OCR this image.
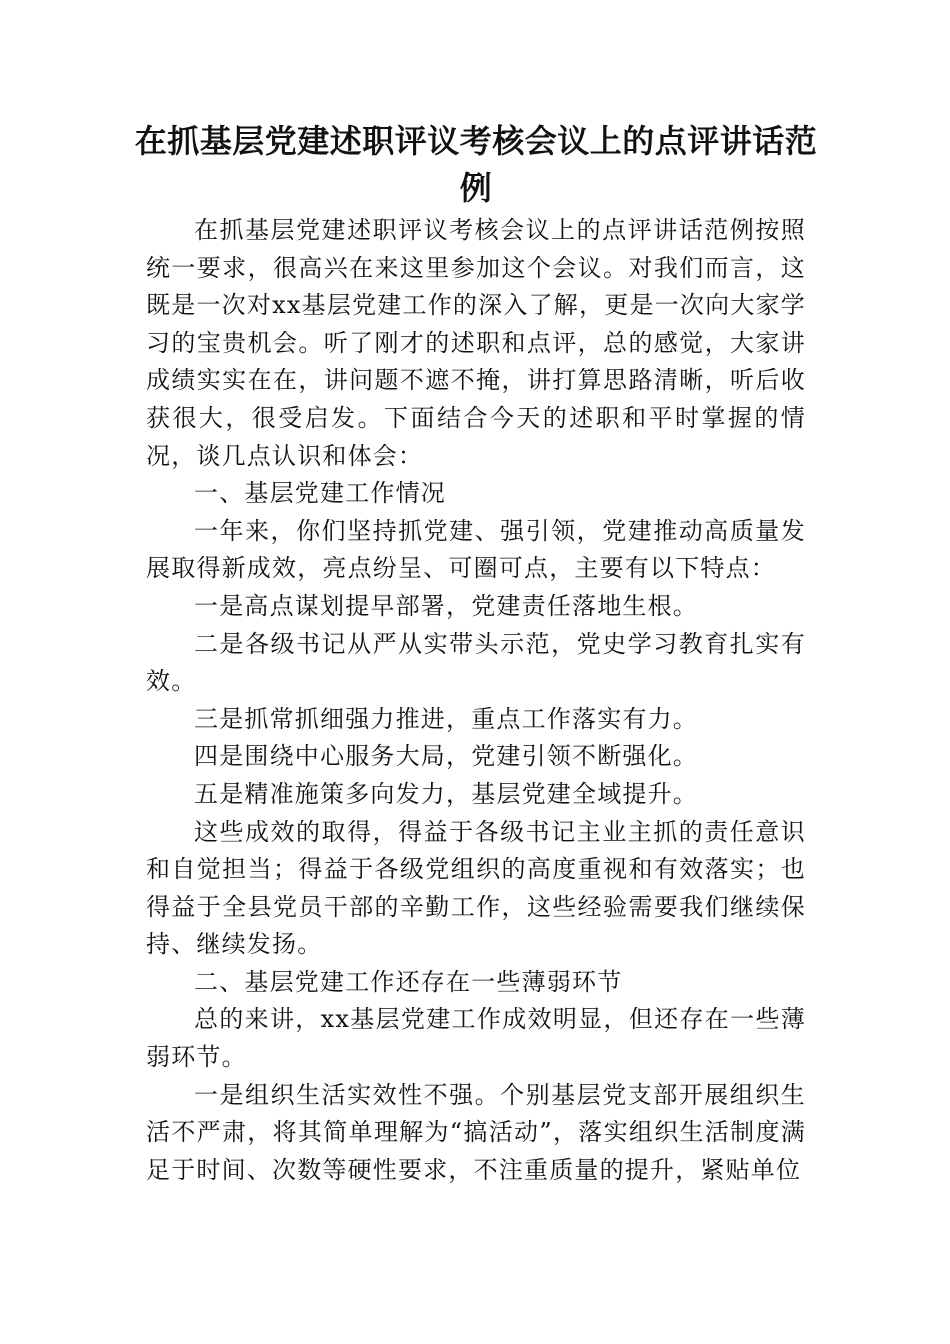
在抓基层党建述职评议考核会议上的点评讲话范例

在抓基层党建述职评议考核会议上的点评讲话范例按照统一要求，很高兴在来这里参加这个会议。对我们而言，这既是一次对xx基层党建工作的深入了解，更是一次向大家学习的宝贵机会。听了刚才的述职和点评，总的感觉，大家讲成绩实实在在，讲问题不遮不掩，讲打算思路清晰，听后收获很大，很受启发。下面结合今天的述职和平时掌握的情况，谈几点认识和体会：

一、基层党建工作情况

一年来，你们坚持抓党建、强引领，党建推动高质量发展取得新成效，亮点纷呈、可圈可点，主要有以下特点：

一是高点谋划提早部署，党建责任落地生根。

二是各级书记从严从实带头示范，党史学习教育扎实有效。

三是抓常抓细强力推进，重点工作落实有力。

四是围绕中心服务大局，党建引领不断强化。

五是精准施策多向发力，基层党建全域提升。

这些成效的取得，得益于各级书记主业主抓的责任意识和自觉担当；得益于各级党组织的高度重视和有效落实；也得益于全县党员干部的辛勤工作，这些经验需要我们继续保持、继续发扬。

二、基层党建工作还存在一些薄弱环节

总的来讲，xx基层党建工作成效明显，但还存在一些薄弱环节。

一是组织生活实效性不强。个别基层党支部开展组织生活不严肃，将其简单理解为“搞活动”，落实组织生活制度满足于时间、次数等硬性要求，不注重质量的提升，紧贴单位
